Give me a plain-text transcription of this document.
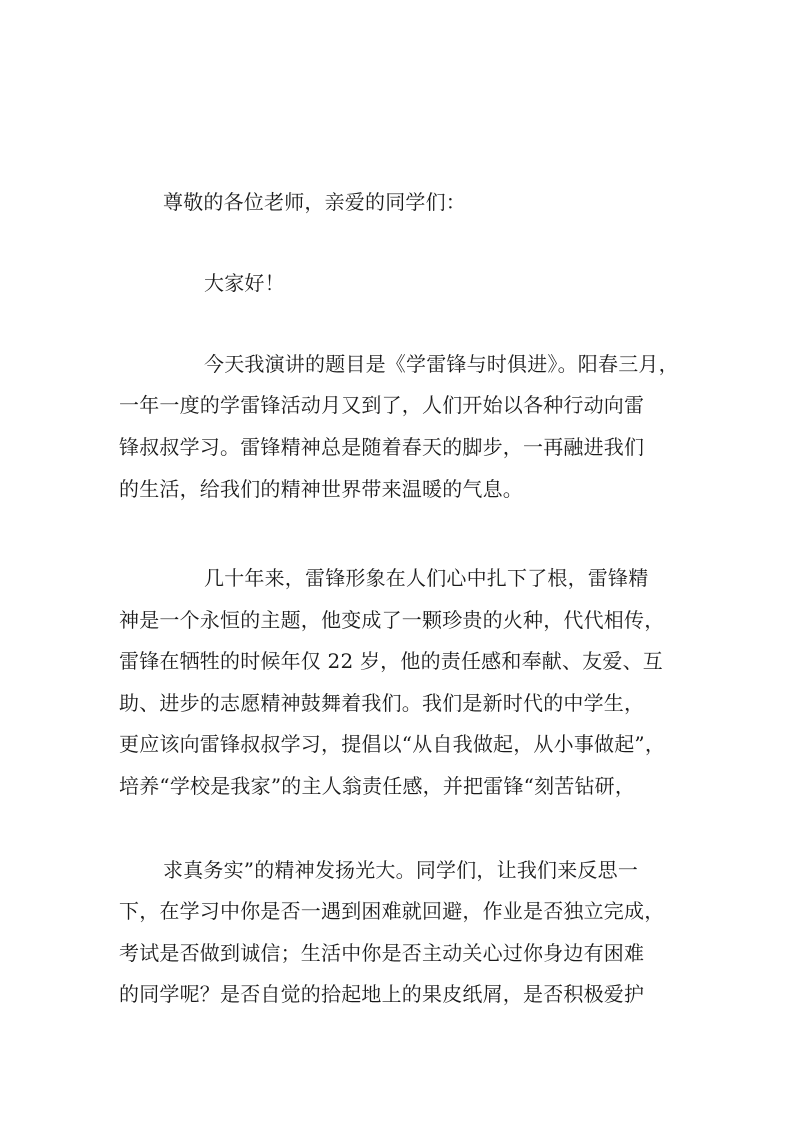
尊敬的各位老师，亲爱的同学们：
大家好！
今天我演讲的题目是《学雷锋与时俱进》。阳春三月，
一年一度的学雷锋活动月又到了，人们开始以各种行动向雷
锋叔叔学习。雷锋精神总是随着春天的脚步，一再融进我们
的生活，给我们的精神世界带来温暖的气息。
几十年来，雷锋形象在人们心中扎下了根，雷锋精
神是一个永恒的主题，他变成了一颗珍贵的火种，代代相传，
雷锋在牺牲的时候年仅 22 岁，他的责任感和奉献、友爱、互
助、进步的志愿精神鼓舞着我们。我们是新时代的中学生，
更应该向雷锋叔叔学习，提倡以“从自我做起，从小事做起”，
培养“学校是我家”的主人翁责任感，并把雷锋“刻苦钻研，
求真务实”的精神发扬光大。同学们，让我们来反思一
下，在学习中你是否一遇到困难就回避，作业是否独立完成，
考试是否做到诚信；生活中你是否主动关心过你身边有困难
的同学呢？是否自觉的拾起地上的果皮纸屑，是否积极爱护
